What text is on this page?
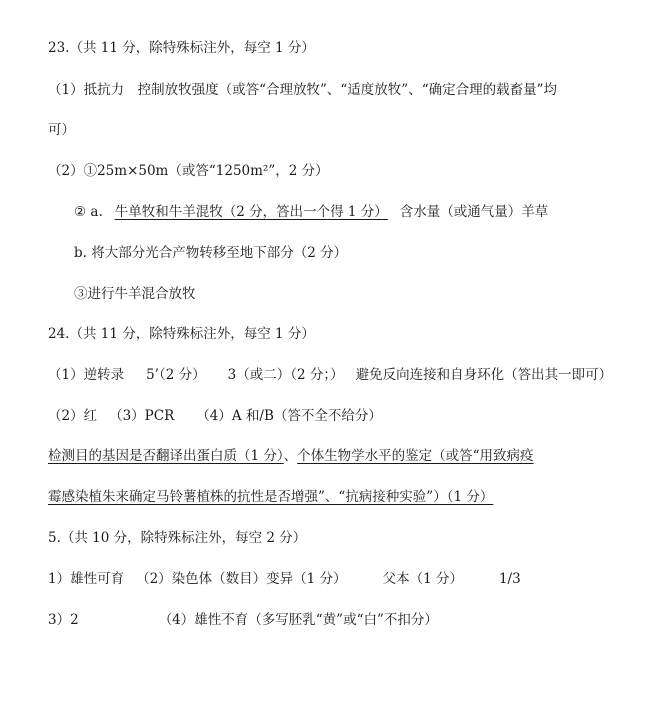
23.（共 11 分，除特殊标注外，每空 1 分）
（1）抵抗力　控制放牧强度（或答“合理放牧”、“适度放牧”、“确定合理的载畜量”均
可）
（2）①25m×50m（或答“1250m²”，2 分）
② a. 牛单牧和牛羊混牧（2 分，答出一个得 1 分） 含水量（或通气量）羊草
b. 将大部分光合产物转移至地下部分（2 分）
③进行牛羊混合放牧
24.（共 11 分，除特殊标注外，每空 1 分）
（1）逆转录 5’（2 分） 3（或二）（2 分；） 避免反向连接和自身环化（答出其一即可）
（2）红 （3）PCR （4）A 和/B（答不全不给分）
检测目的基因是否翻译出蛋白质（1 分）、个体生物学水平的鉴定（或答“用致病疫
霉感染植朱来确定马铃薯植株的抗性是否增强”、“抗病接种实验”）（1 分）
5.（共 10 分，除特殊标注外，每空 2 分）
1）雄性可育 （2）染色体（数目）变异（1 分）	父本（1 分）	1/3
3）2	（4）雄性不育（多写胚乳“黄”或“白”不扣分）
